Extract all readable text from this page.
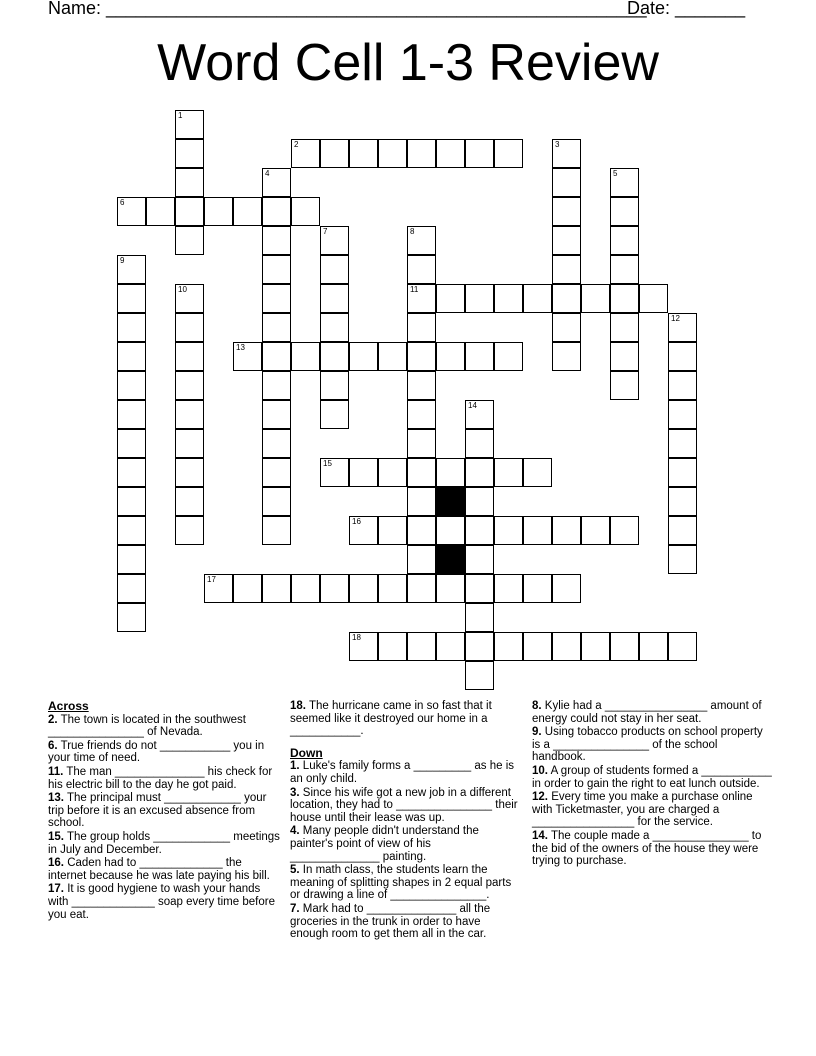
Name: ______________________________________________________
Date: _______
Word Cell 1-3 Review
1
2	3
4	5
6
7	8
11
9
10
12
13
14
15
16
17
18
Across
2. The town is located in the southwest _______________ of Nevada.
6. True friends do not ___________ you in your time of need.
11. The man ______________ his check for his electric bill to the day he got paid.
13. The principal must ____________ your trip before it is an excused absence from school.
15. The group holds ____________ meetings in July and December.
16. Caden had to _____________ the internet because he was late paying his bill.
17. It is good hygiene to wash your hands with _____________ soap every time before you eat.
18. The hurricane came in so fast that it seemed like it destroyed our home in a ___________.
Down
1. Luke's family forms a _________ as he is an only child.
3. Since his wife got a new job in a different location, they had to _______________ their house until their lease was up.
4. Many people didn't understand the painter's point of view of his ______________ painting.
5. In math class, the students learn the meaning of splitting shapes in 2 equal parts or drawing a line of _______________.
7. Mark had to ______________ all the groceries in the trunk in order to have enough room to get them all in the car.
8. Kylie had a ________________ amount of energy could not stay in her seat.
9. Using tobacco products on school property is a _______________ of the school handbook.
10. A group of students formed a ___________ in order to gain the right to eat lunch outside.
12. Every time you make a purchase online with Ticketmaster, you are charged a ________________ for the service.
14. The couple made a _______________ to the bid of the owners of the house they were trying to purchase.
